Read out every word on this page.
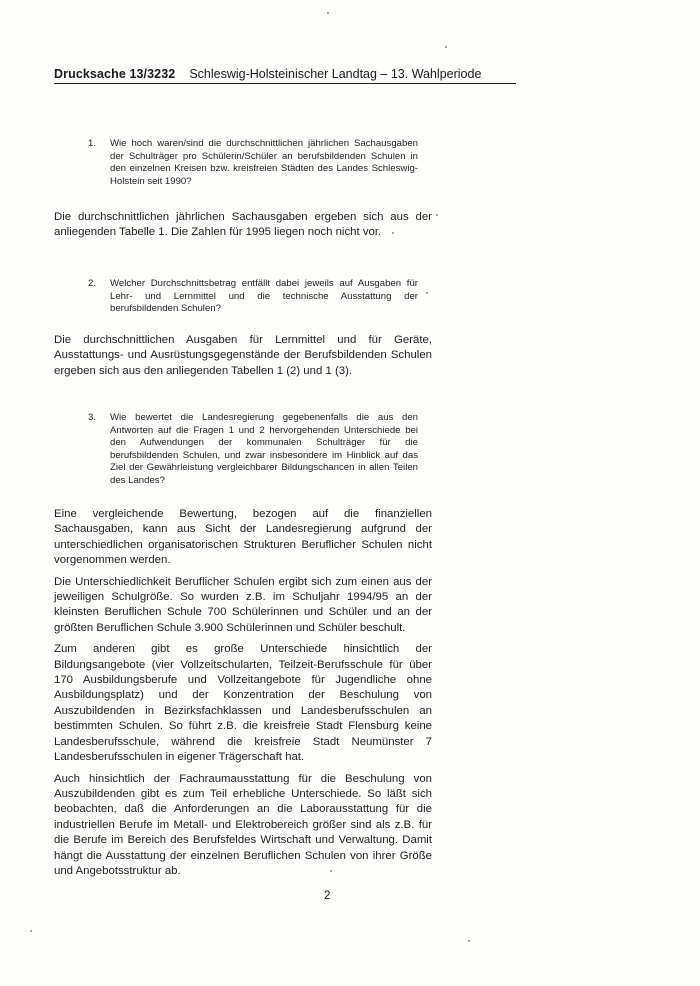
Drucksache 13/3232 Schleswig-Holsteinischer Landtag – 13. Wahlperiode
1. Wie hoch waren/sind die durchschnittlichen jährlichen Sachausgaben der Schulträger pro Schülerin/Schüler an berufsbildenden Schulen in den einzelnen Kreisen bzw. kreisfreien Städten des Landes Schleswig-Holstein seit 1990?

Die durchschnittlichen jährlichen Sachausgaben ergeben sich aus der anliegenden Tabelle 1. Die Zahlen für 1995 liegen noch nicht vor.

2. Welcher Durchschnittsbetrag entfällt dabei jeweils auf Ausgaben für Lehr- und Lernmittel und die technische Ausstattung der berufsbildenden Schulen?

Die durchschnittlichen Ausgaben für Lernmittel und für Geräte, Ausstattungs- und Ausrüstungsgegenstände der Berufsbildenden Schulen ergeben sich aus den anliegenden Tabellen 1 (2) und 1 (3).

3. Wie bewertet die Landesregierung gegebenenfalls die aus den Antworten auf die Fragen 1 und 2 hervorgehenden Unterschiede bei den Aufwendungen der kommunalen Schulträger für die berufsbildenden Schulen, und zwar insbesondere im Hinblick auf das Ziel der Gewährleistung vergleichbarer Bildungschancen in allen Teilen des Landes?

Eine vergleichende Bewertung, bezogen auf die finanziellen Sachausgaben, kann aus Sicht der Landesregierung aufgrund der unterschiedlichen organisatorischen Strukturen Beruflicher Schulen nicht vorgenommen werden.

Die Unterschiedlichkeit Beruflicher Schulen ergibt sich zum einen aus der jeweiligen Schulgröße. So wurden z.B. im Schuljahr 1994/95 an der kleinsten Beruflichen Schule 700 Schülerinnen und Schüler und an der größten Beruflichen Schule 3.900 Schülerinnen und Schüler beschult.

Zum anderen gibt es große Unterschiede hinsichtlich der Bildungsangebote (vier Vollzeitschularten, Teilzeit-Berufsschule für über 170 Ausbildungsberufe und Vollzeitangebote für Jugendliche ohne Ausbildungsplatz) und der Konzentration der Beschulung von Auszubildenden in Bezirksfachklassen und Landesberufsschulen an bestimmten Schulen. So führt z.B. die kreisfreie Stadt Flensburg keine Landesberufsschule, während die kreisfreie Stadt Neumünster 7 Landesberufsschulen in eigener Trägerschaft hat.

Auch hinsichtlich der Fachraumausstattung für die Beschulung von Auszubildenden gibt es zum Teil erhebliche Unterschiede. So läßt sich beobachten, daß die Anforderungen an die Laborausstattung für die industriellen Berufe im Metall- und Elektrobereich größer sind als z.B. für die Berufe im Bereich des Berufsfeldes Wirtschaft und Verwaltung. Damit hängt die Ausstattung der einzelnen Beruflichen Schulen von ihrer Größe und Angebotsstruktur ab.

2
